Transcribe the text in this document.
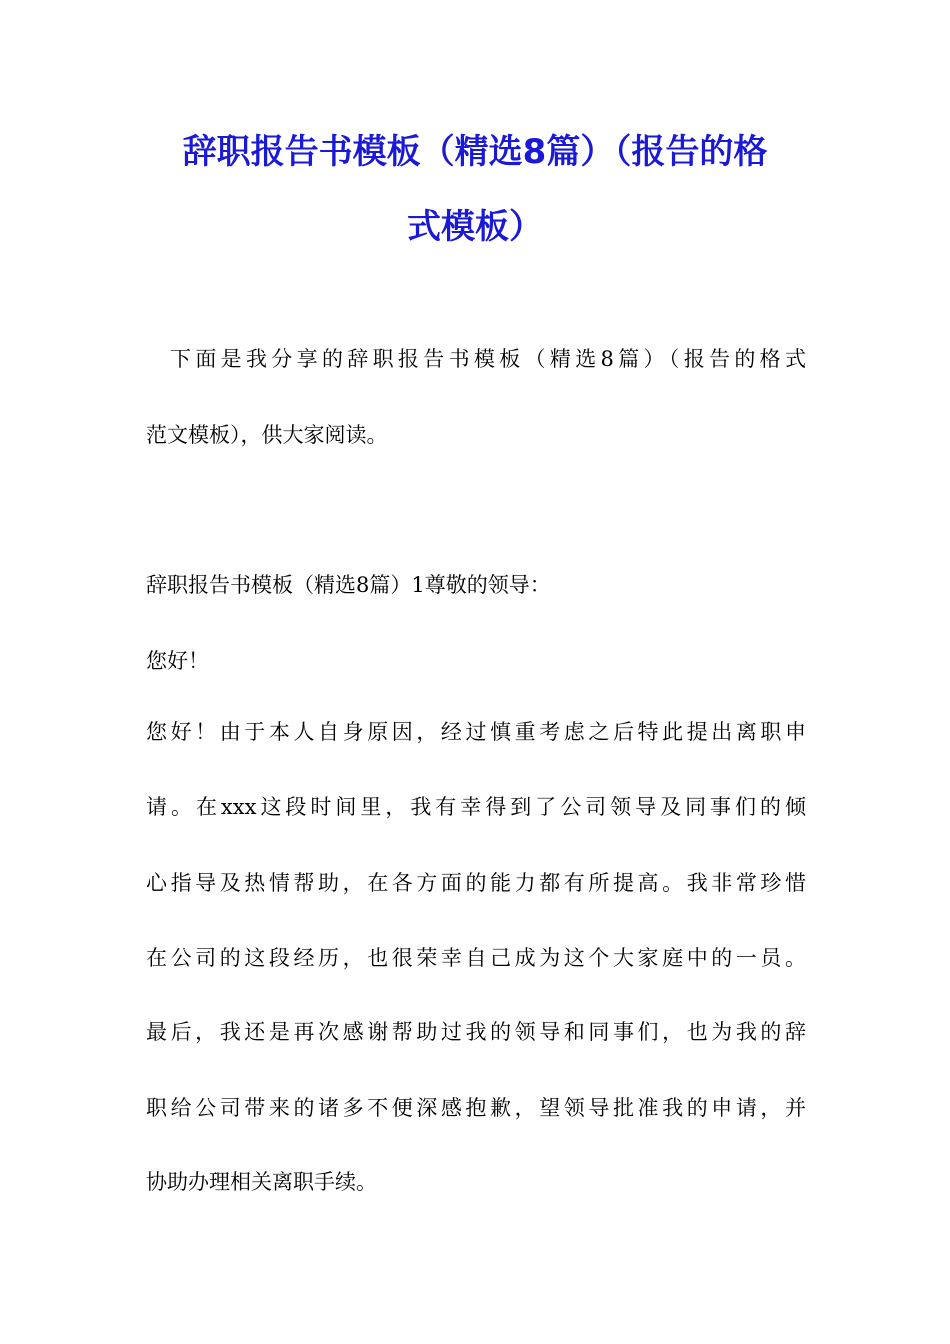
辞职报告书模板（精选8篇）（报告的格
式模板）
下面是我分享的辞职报告书模板（精选8篇）（报告的格式
范文模板），供大家阅读。
辞职报告书模板（精选8篇）1尊敬的领导：
您好！
您好！由于本人自身原因，经过慎重考虑之后特此提出离职申
请。在xxx这段时间里，我有幸得到了公司领导及同事们的倾
心指导及热情帮助，在各方面的能力都有所提高。我非常珍惜
在公司的这段经历，也很荣幸自己成为这个大家庭中的一员。
最后，我还是再次感谢帮助过我的领导和同事们，也为我的辞
职给公司带来的诸多不便深感抱歉，望领导批准我的申请，并
协助办理相关离职手续。
